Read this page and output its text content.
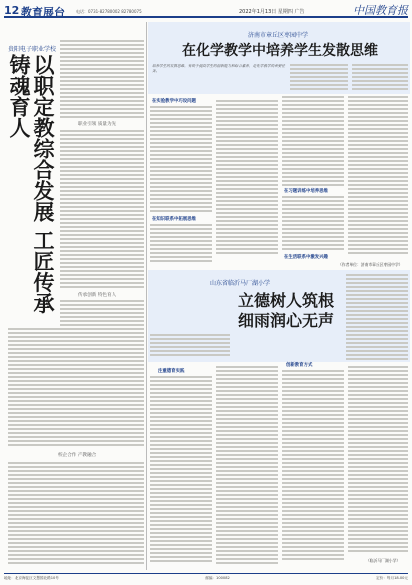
12 教育展台	电话：0731-82780002 82780075	2022年1月13日 星期四 广告	中国教育报
贵阳电子职业学校
以职定教综合发展 工匠传承铸魂育人	职业引领 质量为先
传承创新 特色育人
校企合作 产教融合
济南市章丘区枣园中学
在化学教学中培养学生发散思维
培养学生的发散思维，有助于提高学生的创新能力和综合素养，是化学教学的重要任务。
在实验教学中巧设问题
在知识联系中拓展思维
在习题训练中培养思维
在生活联系中激发兴趣
（作者单位：济南市章丘区枣园中学）
山东省临沂马厂湖小学
立德树人筑根
细雨润心无声
注重德育实践
创新教育方式
（临沂马厂湖小学）
地址：北京海淀区文慧园北路10号	邮编：100082	定价：每月18.00元
